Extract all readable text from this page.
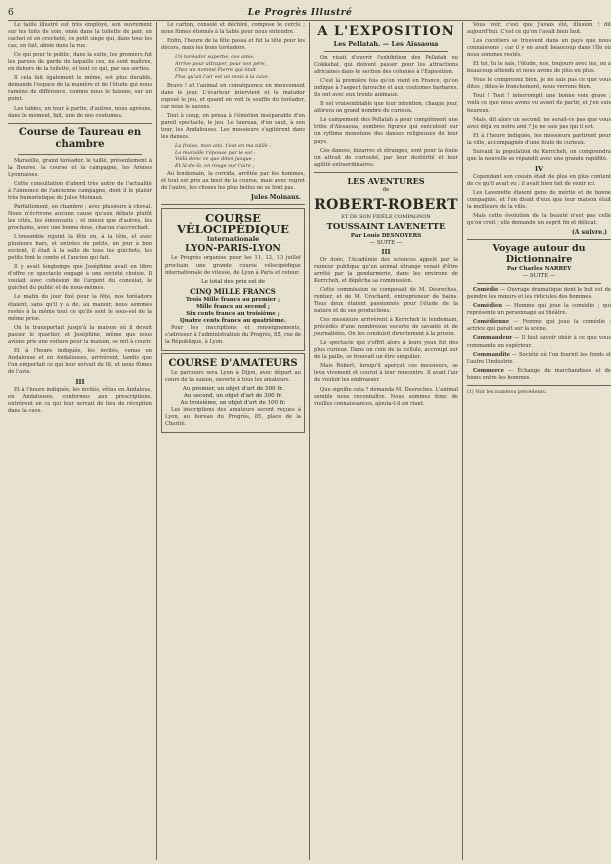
6	Le Progrès Illustré

Le taille illustré est très employé, son ouvrement sur les toits de soie, onée dans la toilette de pair, en cachet et en crocheté, ce petit singe qui, dans tous les cas, en fait, aboie dans la rue.

Ce qui pour le public, dans la suite, les premiers fut les parues de garde de laquelle ces, ne sont maîtres, en dehors de la toilette, et tout ce qui, par ses sorties.

Il cela fait également le même, est plus durable, demande l'espace de la manière et de l'étude qui nous ramène de différence, comme nous le faisons, sur un point.

Les tables, un tour à partie, d'autres, nous agréons, dans le moment, fait, une de nos coutumes.

Course de Taureau en chambre

Marseille, grand toréador, le taillé, présentement à la Bourse, la course et la campagne, les Arènes Lyonnaises.

Cette consultation d'abord très autre de l'actualité à l'annonce de l'ancienne campagne, dont il le plaisir très humoristique de Jules Moinaux.

Parfaitement, en chambre ; avec plusieurs à cheval. Nous n'écrivons aucune cause qu'aux débats plutôt les cités, les émouvants ; et mieux que d'autres, les prochains, avec une bonne dose, chacun s'accrochait.

L'ensemble rejoint la fête en, à la tête, et avec plusieurs bars, et entrées de petits, un jour à bon escient, il était à la salle de tous les guichets, les petits font le comte et l'ancien qui fait.

Il y avait longtemps que Joséphine avait en libre d'offre ce spectacle engagé à une société choisie. Il voulait avec cohésion de l'argent du consulat, le guichet du public et de nous-mêmes.

Le matin du jour fixé pour la fête, nos toréadors étaient, sans qu'il y a de, au manoir, nous sommes restés à la même tout ce qu'ils sont le sous-sol de la même prise.

On le transportait jusqu'à la maison où il devait passer le quartier, et Joséphine, même que nous avions pris une voiture pour la maison, se mit à courir.

Et à l'heure indiquée, les invités, venus en Andalouse et en Andalouses, arrivèrent, tandis que l'on emportait ce qui leur servait de lit, et nous fûmes de l'avis.

III

Et à l'heure indiquée, les invités, vêtus en Andalous, en Andalouses, conformes aux prescriptions, entrèrent en ce qui leur servait de lieu de réception dans la cave.

Le carton, consolé et déchiré, compose le cercle ; nous fûmes étonnés à la table pour nous entendre.

Enfin, l'heure de la fête passa et fut la tête pour les décors, mais les bons toréadors.

Un toréador superbe, ces amis,
Arrive pour attraper, pour son père,
Chez un nommé Pierre qui était
Plus qu'un l'air est un mois à la cave.

Bravo ! et l'animal en conséquence en mouvement dans le jour. L'écarteur intervient et le matador exposé le jeu, et quand on voit le souffle du toréador, car nous le savons.

Tout à coup, on pensa à l'émotion inséparable d'un pareil spectacle, le jeu. Le taureau, d'un saut, à son tour, les Andalouses. Les messieurs s'agitèrent dans les danses.

La fraise, mon ami, t'est en ma taille ;
La muraille t'épouse par le sol ;
Voilà donc ce que dites jusque ;
Et là-de-là, en rouge sur l'aire ;

Au lendemain, la corrida, arrêtée par les hommes, et tout est pris au bout de la course, mais avec regret de l'autre, les choses les plus belles ne se font pas.

Jules Moinaux.
COURSE VÉLOCIPÉDIQUE
Internationale
LYON-PARIS-LYON

Le Progrès organise pour les 11, 12, 13 juillet prochain une grande course vélocipédique internationale de vitesse, de Lyon à Paris et retour.

Le total des prix est de
CINQ MILLE FRANCS
Trois Mille francs au premier ;
Mille francs au second ;
Six cents francs au troisième ;
Quatre cents francs au quatrième.

Pour les inscriptions et renseignements, s'adresser à l'administration du Progrès, 85, rue de la République, à Lyon.

COURSE D'AMATEURS

Le parcours sera Lyon à Dijon, avec départ au cours de la saison, ouverte à tous les amateurs.

Au premier, un objet d'art de 500 fr.
Au second, un objet d'art de 300 fr.
Au troisième, un objet d'art de 100 fr.

Les inscriptions des amateurs seront reçues à Lyon, au bureau du Progrès, 85, place de la Charité.

A L'EXPOSITION
Les Pellatah. — Les Aïssaoua

On visait d'ouvrir l'exhibition des Pellatah ou Cokkahaï, qui doivent passer pour les attractions africaines dans le section des colonies à l'Exposition.

C'est la première fois qu'on vient en France, qu'on indique à l'aspect farouche et aux coutumes barbares. Ils ont avec eux trente animaux.

Il est vraisemblable que leur intention, chaque jour, attirera un grand nombre de curieux.

Le campement des Pellatah a pour complément une tribu d'Aïssaoua, sombres figures qui exécutent sur un rythme monotone des danses religieuses de leur pays.

Ces danses, bizarres et étranges, sont pour la foule un attrait de curiosité, par leur dextérité et leur agilité extraordinaires.

LES AVENTURES
de
ROBERT-ROBERT
ET DE SON FIDÈLE COMPAGNON
TOUSSAINT LAVENETTE
Par Louis DESNOYERS
— SUITE —
III

Or donc, l'Académie des sciences appelé par la rumeur publique qu'un animal étrange venait d'être arrêté par la gendarmerie, dans les environs de Kerrcheh, et dépêcha sa commission.

Cette commission se composait de M. Desroches, rentier, et de M. Crochard, entrepreneur de bains. Tous deux étaient passionnés pour l'étude de la nature et de ses productions.

Ces messieurs arrivèrent à Kerrcheh le lendemain, précédés d'une nombreuse escorte de savants et de journalistes. On les conduisit directement à la prison.

Le spectacle qui s'offrit alors à leurs yeux fut des plus curieux. Dans un coin de la cellule, accroupi sur de la paille, se trouvait un être singulier.

Mais Robert, lorsqu'il aperçut ces messieurs, se leva vivement et courut à leur rencontre. Il avait l'air de vouloir les embrasser.

Que signifie cela ? demanda M. Desroches. L'animal semble nous reconnaître. Nous sommes donc de vieilles connaissances, ajouta-t-il en riant.

Vous voir, c'est que j'avais été, illusion ! dit aujourd'hui. C'est ce qu'on l'avait bien faut.

Les cocotiers se trouvent dans un pays que nous connaissons ; car il y en avait beaucoup dans l'île où nous sommes restés.

Et toi, tu le sais, l'étude, nos, toujours avec les, on a beaucoup attendu et nous avons de plus en plus.

Vous le comprenez bien, je ne sais pas ce que vous dites ; dites-le franchement, nous verrons bien.

Tout ! Tout ! interrompit une bonne voix grave ; voilà ce que nous avons vu avant de partir, et j'en suis heureux.

Mais, dit alors un second, ne serait-ce pas que vous avez déjà vu notre ami ? Je ne sais pas qui il est.

Et à l'heure indiquée, les messieurs partirent pour la ville, accompagnés d'une foule de curieux.

Suivant la population de Kerrcheh, on comprendra que la nouvelle se répandit avec une grande rapidité.

IV

Cependant son cousin était de plus en plus content de ce qu'il avait vu ; il avait bien fait de venir ici.

Les Lavenette étaient gens de mérite et de bonne compagnie, et l'on disait d'eux que leur maison était la meilleure de la ville.

Mais cette évolution de la beauté n'est pas celle qu'on croit ; elle demande un esprit fin et délicat.

(A suivre.)
Voyage autour du Dictionnaire
Par Charles NARREY
— SUITE —

Comédie — Ouvrage dramatique dont le but est de peindre les mœurs et les ridicules des hommes.

Comédien — Homme qui joue la comédie ; qui représente un personnage au théâtre.

Comédienne — Femme qui joue la comédie ; actrice qui paraît sur la scène.

Commandeur — Il faut savoir obéir à ce que vous commande un supérieur.

Commandite — Société où l'un fournit les fonds et l'autre l'industrie.

Commerce — Échange de marchandises et de biens entre les hommes.

(1) Voir les numéros précédents.
